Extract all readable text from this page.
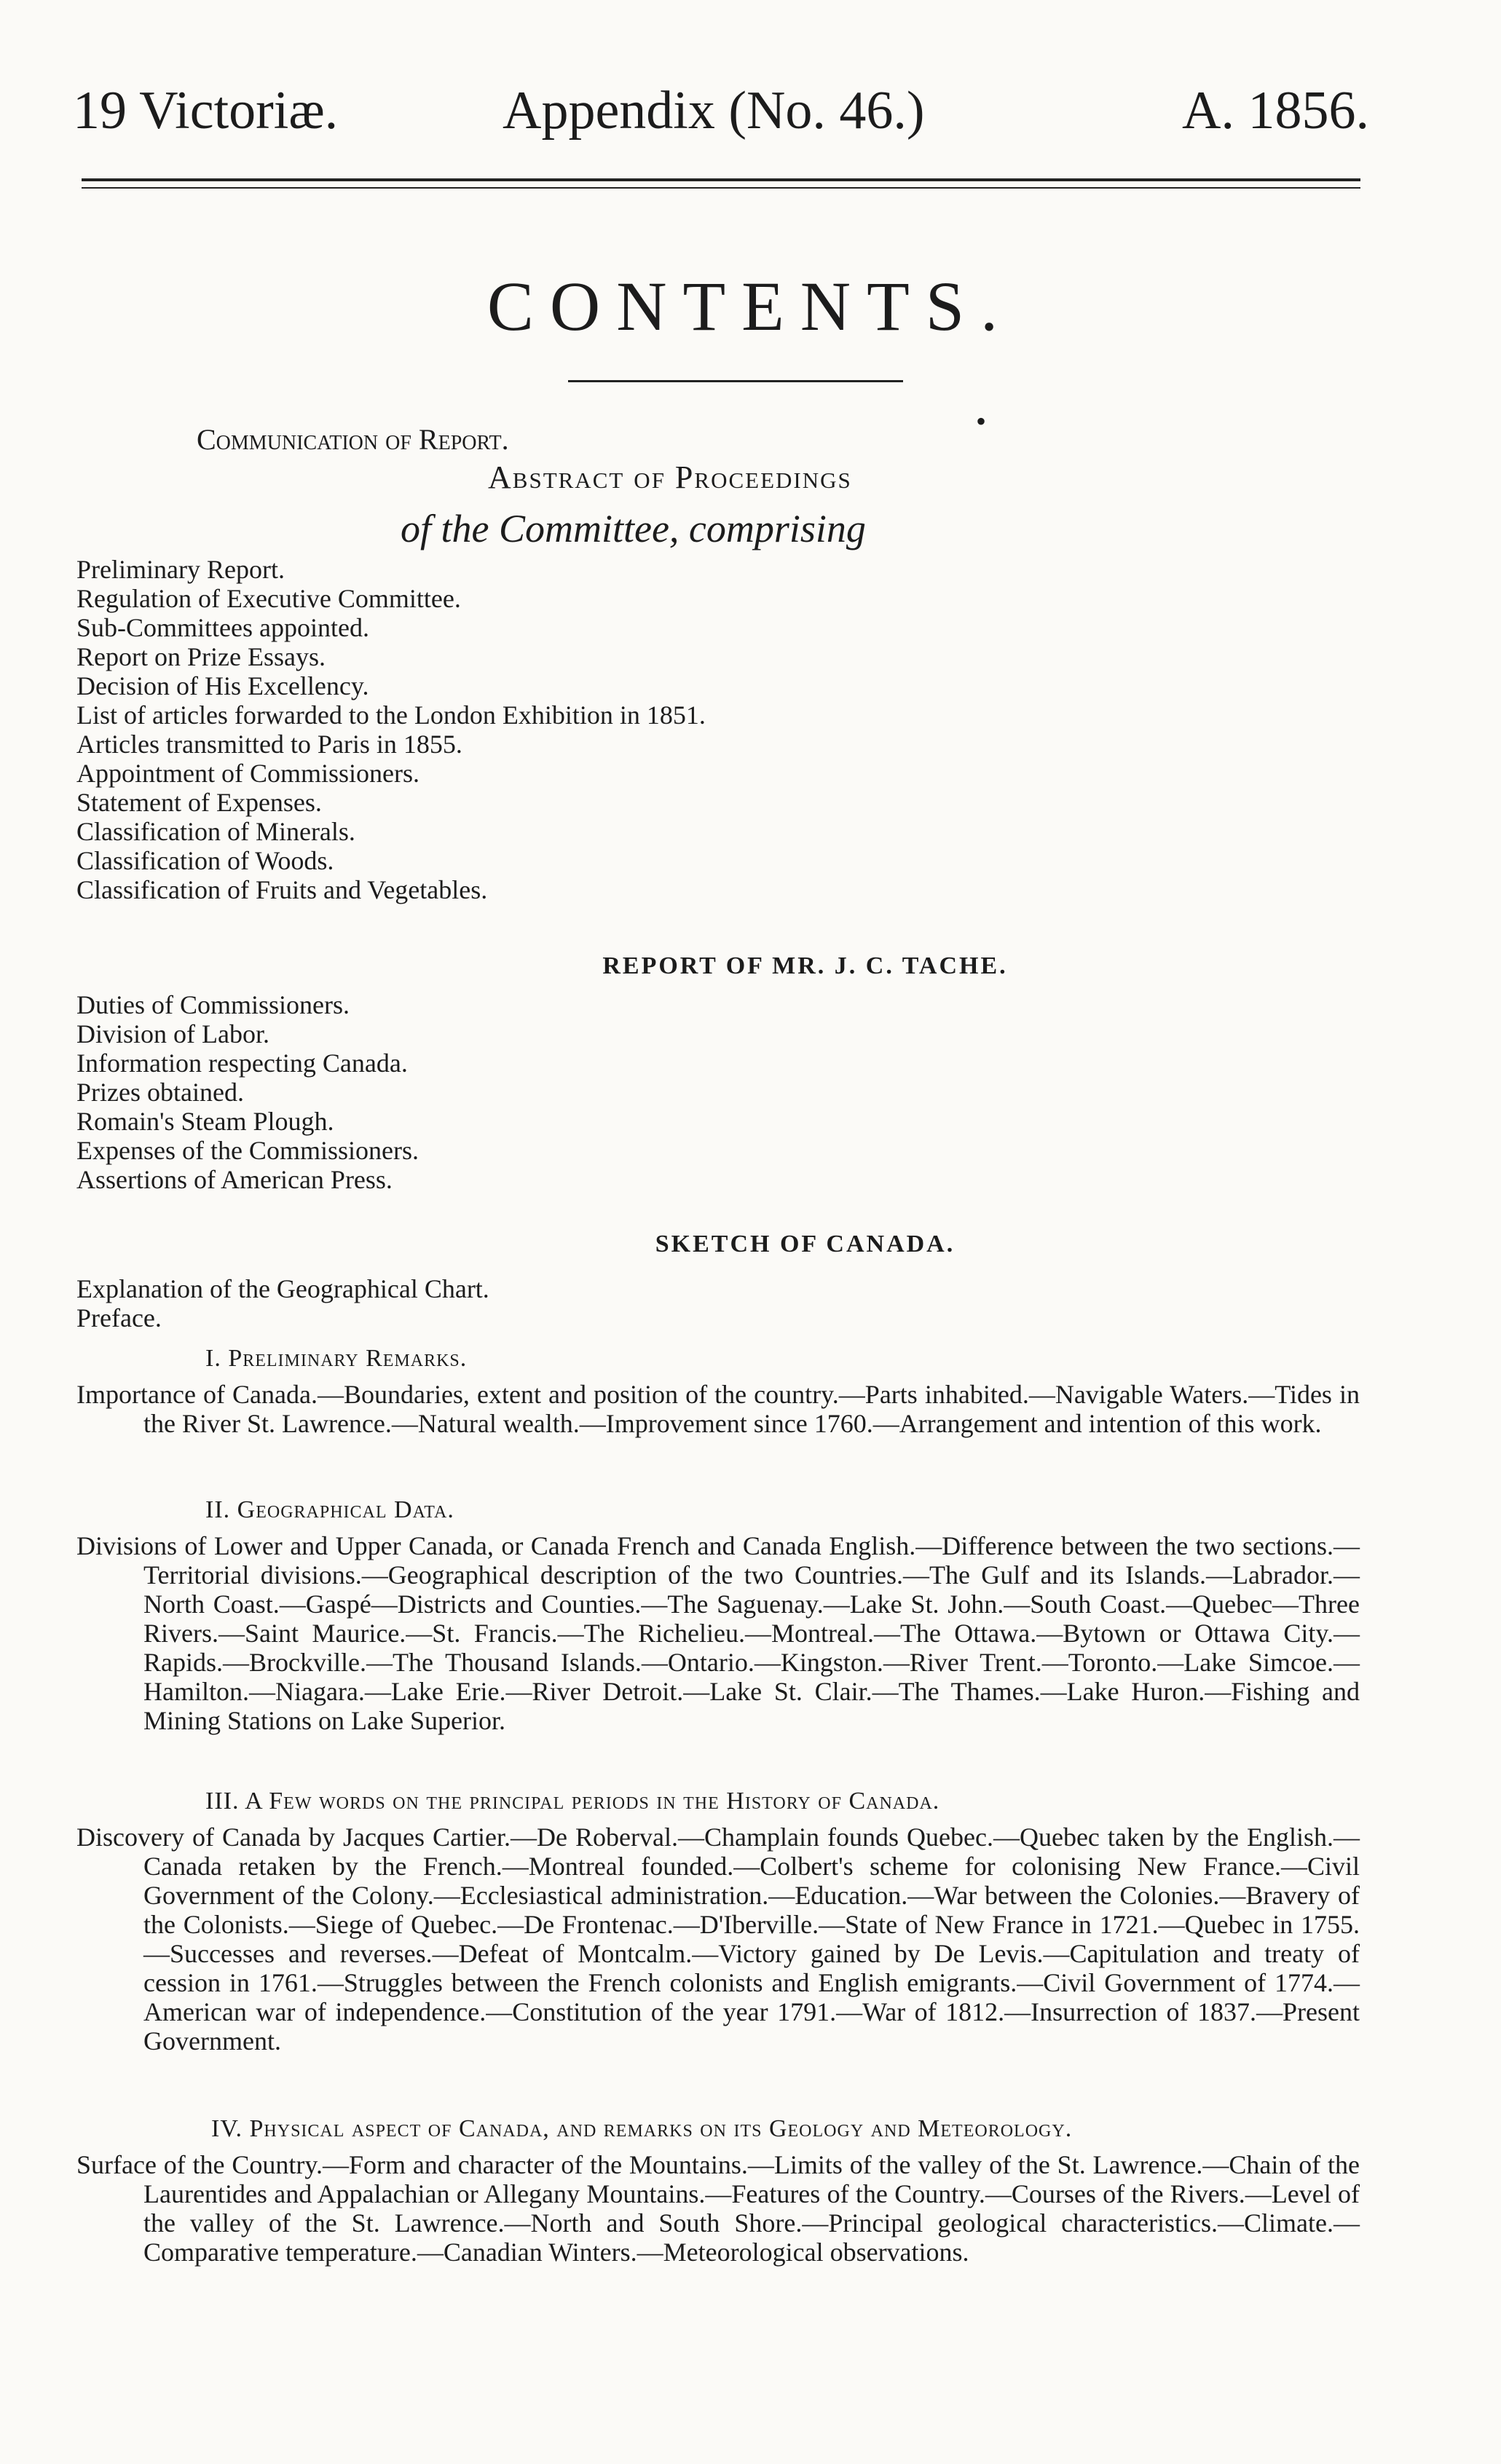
19 Victoriæ.	Appendix (No. 46.)	A. 1856.
CONTENTS.
•
Communication of Report.
Abstract of Proceedings
of the Committee, comprising
Preliminary Report.
Regulation of Executive Committee.
Sub-Committees appointed.
Report on Prize Essays.
Decision of His Excellency.
List of articles forwarded to the London Exhibition in 1851.
Articles transmitted to Paris in 1855.
Appointment of Commissioners.
Statement of Expenses.
Classification of Minerals.
Classification of Woods.
Classification of Fruits and Vegetables.
REPORT OF MR. J. C. TACHE.
Duties of Commissioners.
Division of Labor.
Information respecting Canada.
Prizes obtained.
Romain's Steam Plough.
Expenses of the Commissioners.
Assertions of American Press.
SKETCH OF CANADA.
Explanation of the Geographical Chart.
Preface.
I. Preliminary Remarks.
Importance of Canada.—Boundaries, extent and position of the country.—Parts inhabited.—Navigable Waters.—Tides in the River St. Lawrence.—Natural wealth.—Improvement since 1760.—Arrangement and intention of this work.
II. Geographical Data.
Divisions of Lower and Upper Canada, or Canada French and Canada English.—Difference between the two sections.—Territorial divisions.—Geographical description of the two Countries.—The Gulf and its Islands.—Labrador.—North Coast.—Gaspé—Districts and Counties.—The Saguenay.—Lake St. John.—South Coast.—Quebec—Three Rivers.—Saint Maurice.—St. Francis.—The Richelieu.—Montreal.—The Ottawa.—Bytown or Ottawa City.—Rapids.—Brockville.—The Thousand Islands.—Ontario.—Kingston.—River Trent.—Toronto.—Lake Simcoe.—Hamilton.—Niagara.—Lake Erie.—River Detroit.—Lake St. Clair.—The Thames.—Lake Huron.—Fishing and Mining Stations on Lake Superior.
III. A Few words on the principal periods in the History of Canada.
Discovery of Canada by Jacques Cartier.—De Roberval.—Champlain founds Quebec.—Quebec taken by the English.—Canada retaken by the French.—Montreal founded.—Colbert's scheme for colonising New France.—Civil Government of the Colony.—Ecclesiastical administration.—Education.—War between the Colonies.—Bravery of the Colonists.—Siege of Quebec.—De Frontenac.—D'Iberville.—State of New France in 1721.—Quebec in 1755.—Successes and reverses.—Defeat of Montcalm.—Victory gained by De Levis.—Capitulation and treaty of cession in 1761.—Struggles between the French colonists and English emigrants.—Civil Government of 1774.—American war of independence.—Constitution of the year 1791.—War of 1812.—Insurrection of 1837.—Present Government.
IV. Physical aspect of Canada, and remarks on its Geology and Meteorology.
Surface of the Country.—Form and character of the Mountains.—Limits of the valley of the St. Lawrence.—Chain of the Laurentides and Appalachian or Allegany Mountains.—Features of the Country.—Courses of the Rivers.—Level of the valley of the St. Lawrence.—North and South Shore.—Principal geological characteristics.—Climate.—Comparative temperature.—Canadian Winters.—Meteorological observations.
